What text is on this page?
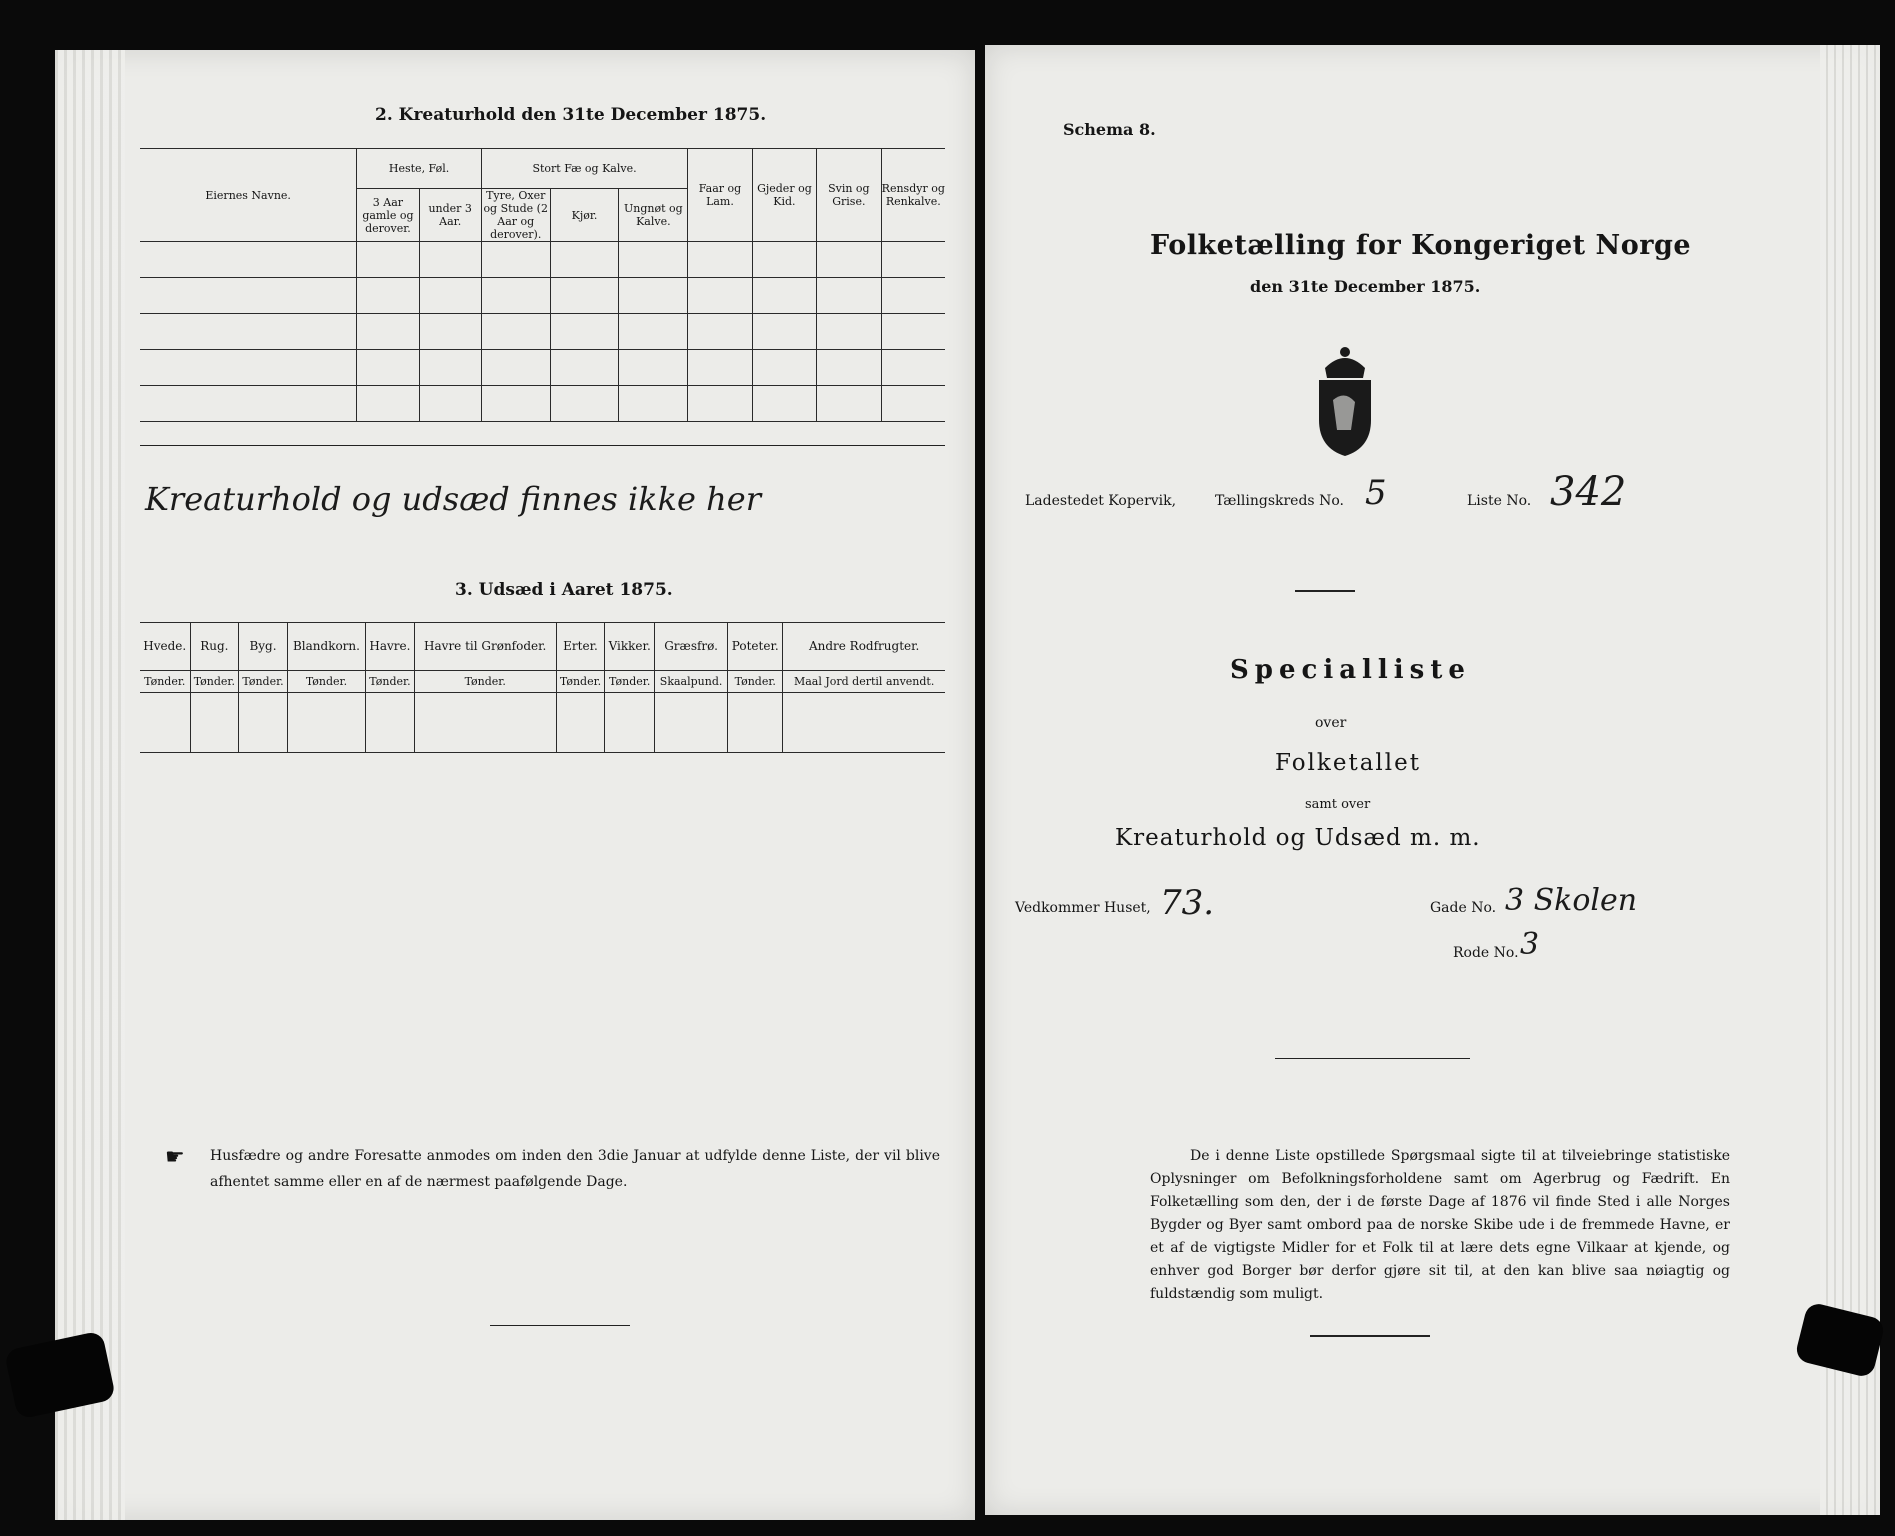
2. Kreaturhold den 31te December 1875.
Eiernes Navne.	Heste, Føl.		Stort Fæ og Kalve.			Faar og Lam.	Gjeder og Kid.	Svin og Grise.	Rensdyr og Renkalve.
	3 Aar gamle og derover.	under 3 Aar.	Tyre, Oxer og Stude (2 Aar og derover).	Kjør.	Ungnøt og Kalve.				

Kreaturhold og udsæd finnes ikke her
3. Udsæd i Aaret 1875.
Hvede.	Rug.	Byg.	Blandkorn.	Havre.	Havre til Grønfoder.	Erter.	Vikker.	Græsfrø.	Poteter.	Andre Rodfrugter.
Tønder.	Tønder.	Tønder.	Tønder.	Tønder.	Tønder.	Tønder.	Tønder.	Skaalpund.	Tønder.	Maal Jord dertil anvendt.

☛ Husfædre og andre Foresatte anmodes om inden den 3die Januar at udfylde denne Liste, der vil blive afhentet samme eller en af de nærmest paafølgende Dage.
Schema 8.
Folketælling for Kongeriget Norge
den 31te December 1875.
Ladestedet Kopervik,	Tællingskreds No. 5	Liste No. 342
Specialliste
over
Folketallet
samt over
Kreaturhold og Udsæd m. m.
Vedkommer Huset, 73.	Gade No. 3 Skolen
Rode No. 3
De i denne Liste opstillede Spørgsmaal sigte til at tilveiebringe statistiske Oplysninger om Befolkningsforholdene samt om Agerbrug og Fædrift. En Folketælling som den, der i de første Dage af 1876 vil finde Sted i alle Norges Bygder og Byer samt ombord paa de norske Skibe ude i de fremmede Havne, er et af de vigtigste Midler for et Folk til at lære dets egne Vilkaar at kjende, og enhver god Borger bør derfor gjøre sit til, at den kan blive saa nøiagtig og fuldstændig som muligt.
